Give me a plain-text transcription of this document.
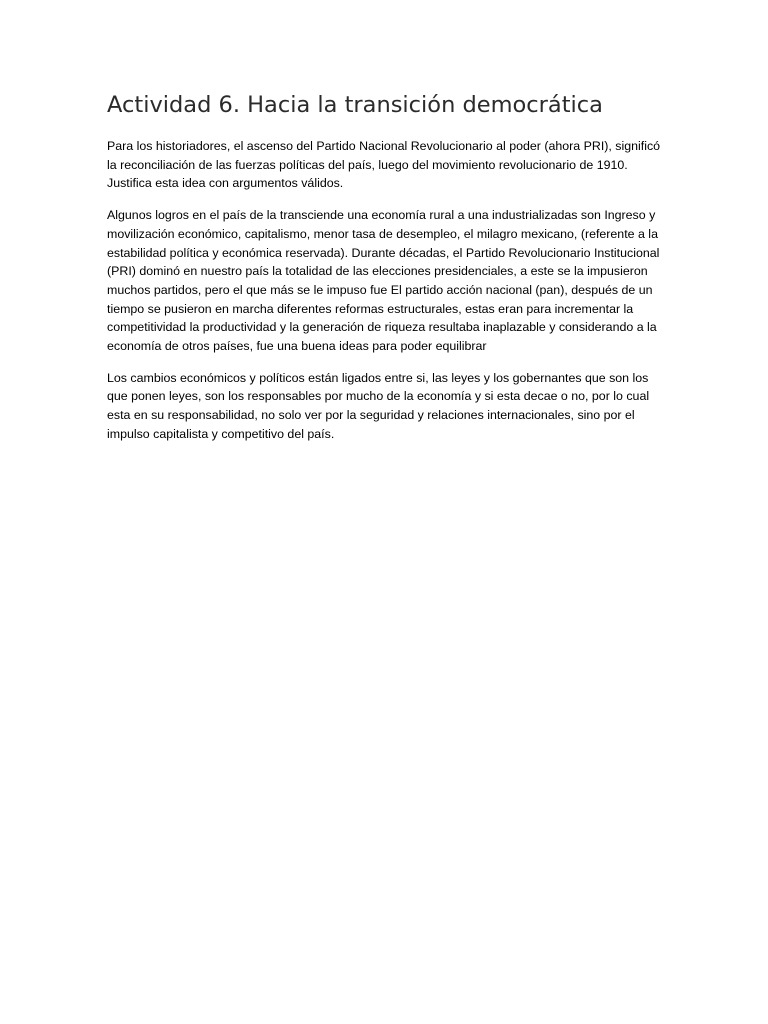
Actividad 6. Hacia la transición democrática

Para los historiadores, el ascenso del Partido Nacional Revolucionario al poder (ahora PRI), significó la reconciliación de las fuerzas políticas del país, luego del movimiento revolucionario de 1910. Justifica esta idea con argumentos válidos.

Algunos logros en el país de la transciende una economía rural a una industrializadas son Ingreso y movilización económico, capitalismo, menor tasa de desempleo, el milagro mexicano, (referente a la estabilidad política y económica reservada). Durante décadas, el Partido Revolucionario Institucional (PRI) dominó en nuestro país la totalidad de las elecciones presidenciales, a este se la impusieron muchos partidos, pero el que más se le impuso fue El partido acción nacional (pan), después de un tiempo se pusieron en marcha diferentes reformas estructurales, estas eran para incrementar la competitividad la productividad y la generación de riqueza resultaba inaplazable y considerando a la economía de otros países, fue una buena ideas para poder equilibrar

Los cambios económicos y políticos están ligados entre si, las leyes y los gobernantes que son los que ponen leyes, son los responsables por mucho de la economía y si esta decae o no, por lo cual esta en su responsabilidad, no solo ver por la seguridad y relaciones internacionales, sino por el impulso capitalista y competitivo del país.
